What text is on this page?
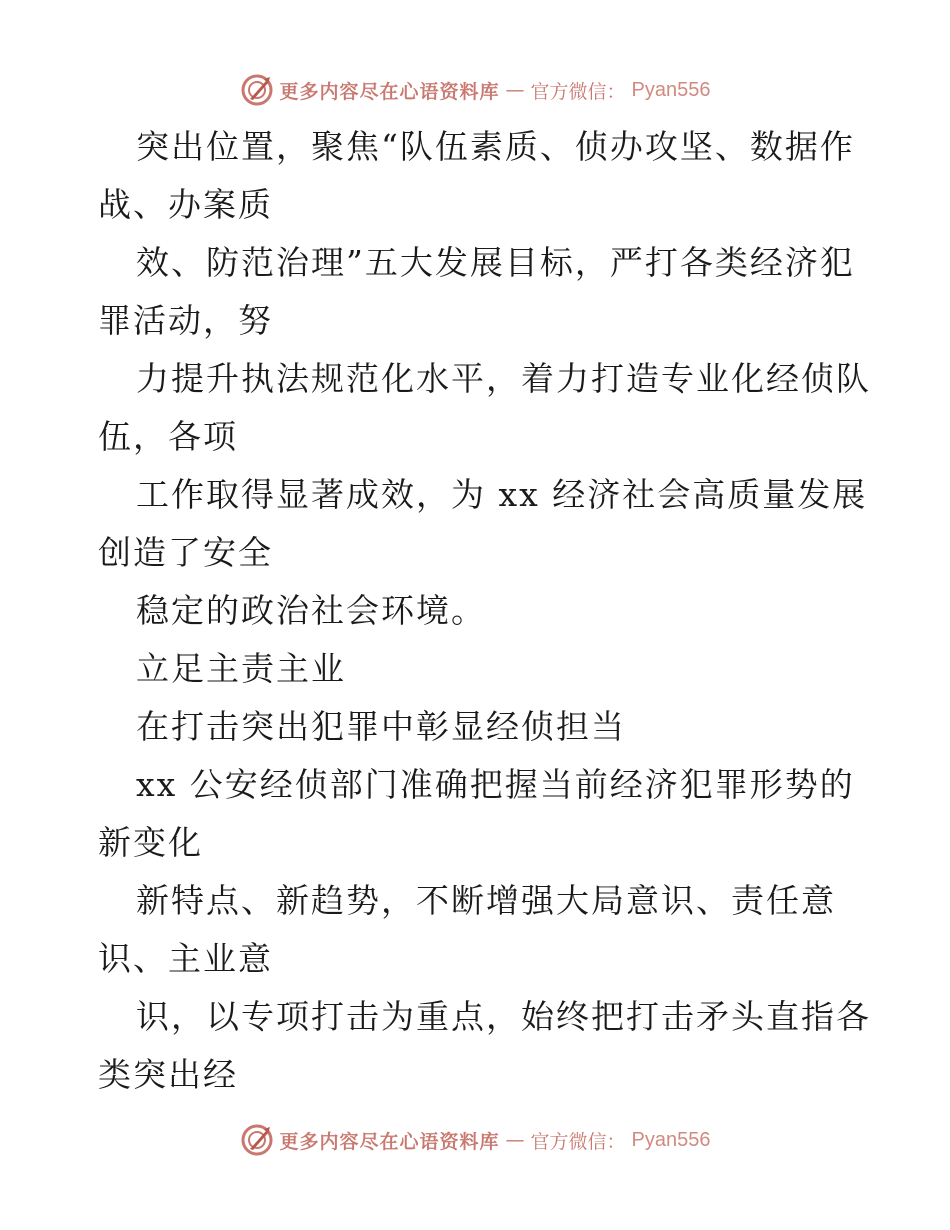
更多内容尽在心语资料库 — 官方微信： Pyan556
突出位置，聚焦“队伍素质、侦办攻坚、数据作
战、办案质
效、防范治理”五大发展目标，严打各类经济犯
罪活动，努
力提升执法规范化水平，着力打造专业化经侦队
伍，各项
工作取得显著成效，为 xx 经济社会高质量发展
创造了安全
稳定的政治社会环境。
立足主责主业
在打击突出犯罪中彰显经侦担当
xx 公安经侦部门准确把握当前经济犯罪形势的
新变化
新特点、新趋势，不断增强大局意识、责任意
识、主业意
识，以专项打击为重点，始终把打击矛头直指各
类突出经
更多内容尽在心语资料库 — 官方微信： Pyan556
